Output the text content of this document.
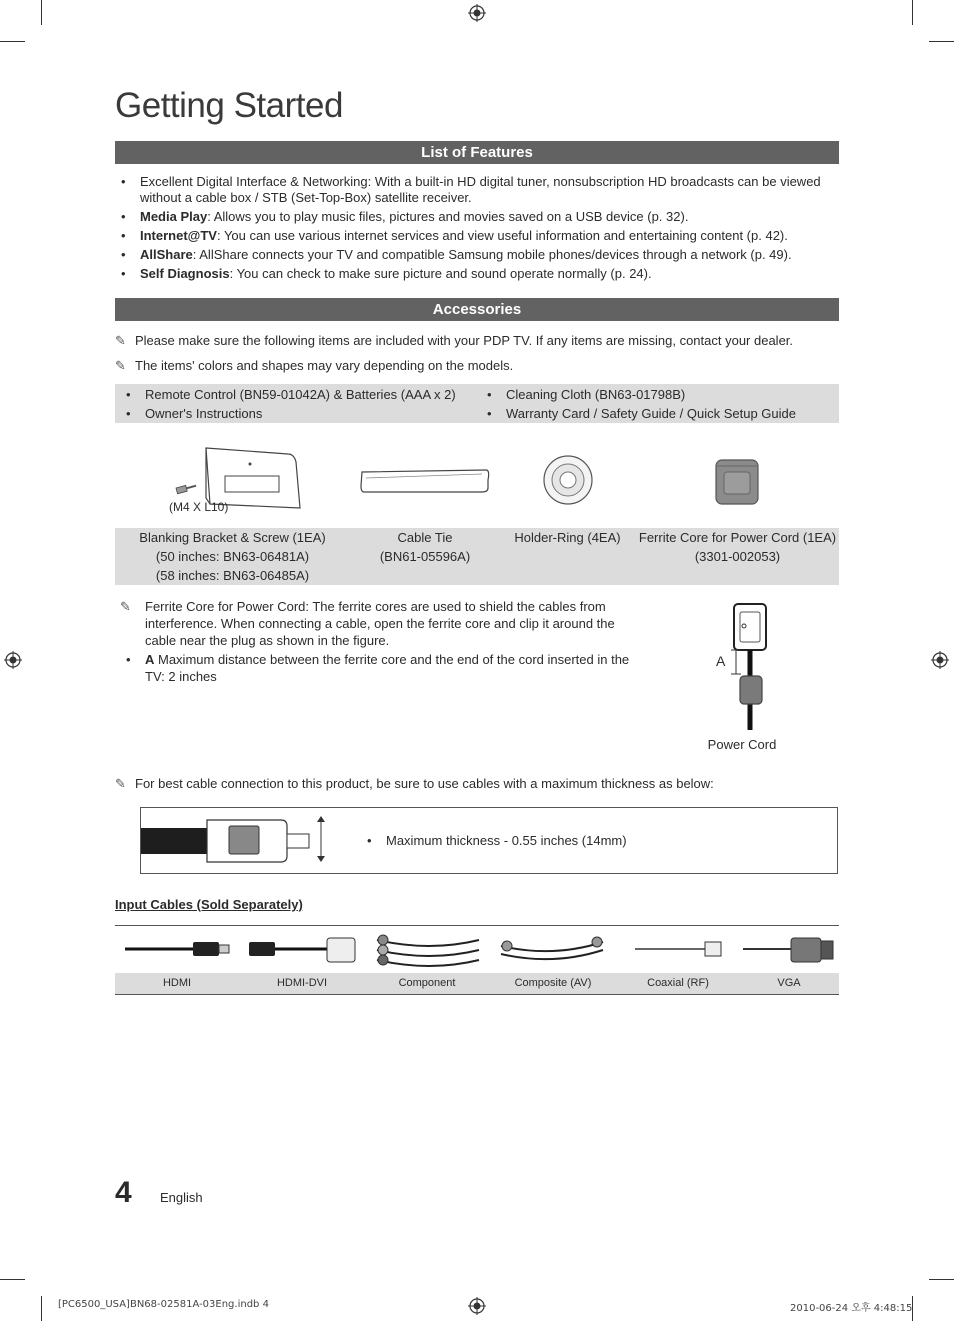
Getting Started
List of Features
• Excellent Digital Interface & Networking: With a built-in HD digital tuner, nonsubscription HD broadcasts can be viewed without a cable box / STB (Set-Top-Box) satellite receiver.
• Media Play: Allows you to play music files, pictures and movies saved on a USB device (p. 32).
• Internet@TV: You can use various internet services and view useful information and entertaining content (p. 42).
• AllShare: AllShare connects your TV and compatible Samsung mobile phones/devices through a network (p. 49).
• Self Diagnosis: You can check to make sure picture and sound operate normally (p. 24).
Accessories
✎ Please make sure the following items are included with your PDP TV. If any items are missing, contact your dealer.
✎ The items' colors and shapes may vary depending on the models.
• Remote Control (BN59-01042A) & Batteries (AAA x 2)
• Owner's Instructions
• Cleaning Cloth (BN63-01798B)
• Warranty Card / Safety Guide / Quick Setup Guide
(M4 X L10)
Blanking Bracket & Screw (1EA)
(50 inches: BN63-06481A)
(58 inches: BN63-06485A)
Cable Tie
(BN61-05596A)
Holder-Ring (4EA)	Ferrite Core for Power Cord (1EA)
(3301-002053)
✎	Ferrite Core for Power Cord: The ferrite cores are used to shield the cables from interference. When connecting a cable, open the ferrite core and clip it around the cable near the plug as shown in the figure.
• A Maximum distance between the ferrite core and the end of the cord inserted in the TV: 2 inches
A
Power Cord
✎ For best cable connection to this product, be sure to use cables with a maximum thickness as below:
• Maximum thickness - 0.55 inches (14mm)
Input Cables (Sold Separately)
HDMI	HDMI-DVI	Component	Composite (AV)	Coaxial (RF)	VGA
4 English
[PC6500_USA]BN68-02581A-03Eng.indb 4	2010-06-24 오후 4:48:15
